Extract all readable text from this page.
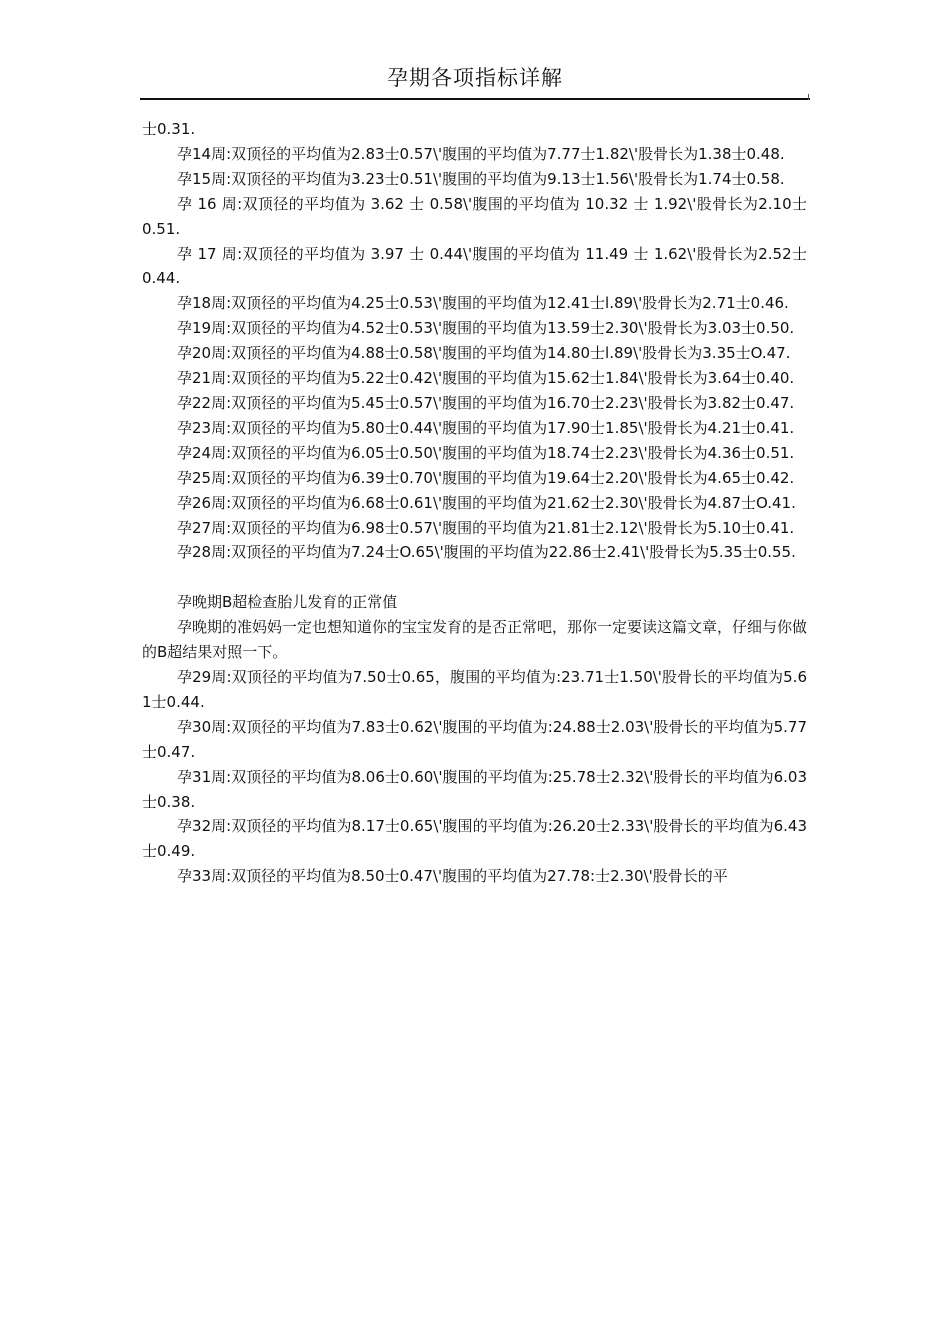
孕期各项指标详解
士0.31.
孕14周:双顶径的平均值为2.83士0.57\'腹围的平均值为7.77士1.82\'股骨长为1.38士0.48.
孕15周:双顶径的平均值为3.23士0.51\'腹围的平均值为9.13士1.56\'股骨长为1.74士0.58.
孕 16 周:双顶径的平均值为 3.62 士 0.58\'腹围的平均值为 10.32 士 1.92\'股骨长为2.10士0.51.
孕 17 周:双顶径的平均值为 3.97 士 0.44\'腹围的平均值为 11.49 士 1.62\'股骨长为2.52士0.44.
孕18周:双顶径的平均值为4.25士0.53\'腹围的平均值为12.41士l.89\'股骨长为2.71士0.46.
孕19周:双顶径的平均值为4.52士0.53\'腹围的平均值为13.59士2.30\'股骨长为3.03士0.50.
孕20周:双顶径的平均值为4.88士0.58\'腹围的平均值为14.80士l.89\'股骨长为3.35士O.47.
孕21周:双顶径的平均值为5.22士0.42\'腹围的平均值为15.62士1.84\'股骨长为3.64士0.40.
孕22周:双顶径的平均值为5.45士0.57\'腹围的平均值为16.70士2.23\'股骨长为3.82士0.47.
孕23周:双顶径的平均值为5.80士0.44\'腹围的平均值为17.90士1.85\'股骨长为4.21士0.41.
孕24周:双顶径的平均值为6.05士0.50\'腹围的平均值为18.74士2.23\'股骨长为4.36士0.51.
孕25周:双顶径的平均值为6.39士0.70\'腹围的平均值为19.64士2.20\'股骨长为4.65士0.42.
孕26周:双顶径的平均值为6.68士0.61\'腹围的平均值为21.62士2.30\'股骨长为4.87士O.41.
孕27周:双顶径的平均值为6.98士0.57\'腹围的平均值为21.81士2.12\'股骨长为5.10士0.41.
孕28周:双顶径的平均值为7.24士O.65\'腹围的平均值为22.86士2.41\'股骨长为5.35士0.55.
孕晚期B超检查胎儿发育的正常值
孕晚期的准妈妈一定也想知道你的宝宝发育的是否正常吧，那你一定要读这篇文章，仔细与你做的B超结果对照一下。
孕29周:双顶径的平均值为7.50士0.65，腹围的平均值为:23.71士1.50\'股骨长的平均值为5.61士0.44.
孕30周:双顶径的平均值为7.83士0.62\'腹围的平均值为:24.88士2.03\'股骨长的平均值为5.77士0.47.
孕31周:双顶径的平均值为8.06士0.60\'腹围的平均值为:25.78士2.32\'股骨长的平均值为6.03士0.38.
孕32周:双顶径的平均值为8.17士0.65\'腹围的平均值为:26.20士2.33\'股骨长的平均值为6.43士0.49.
孕33周:双顶径的平均值为8.50士0.47\'腹围的平均值为27.78:士2.30\'股骨长的平
